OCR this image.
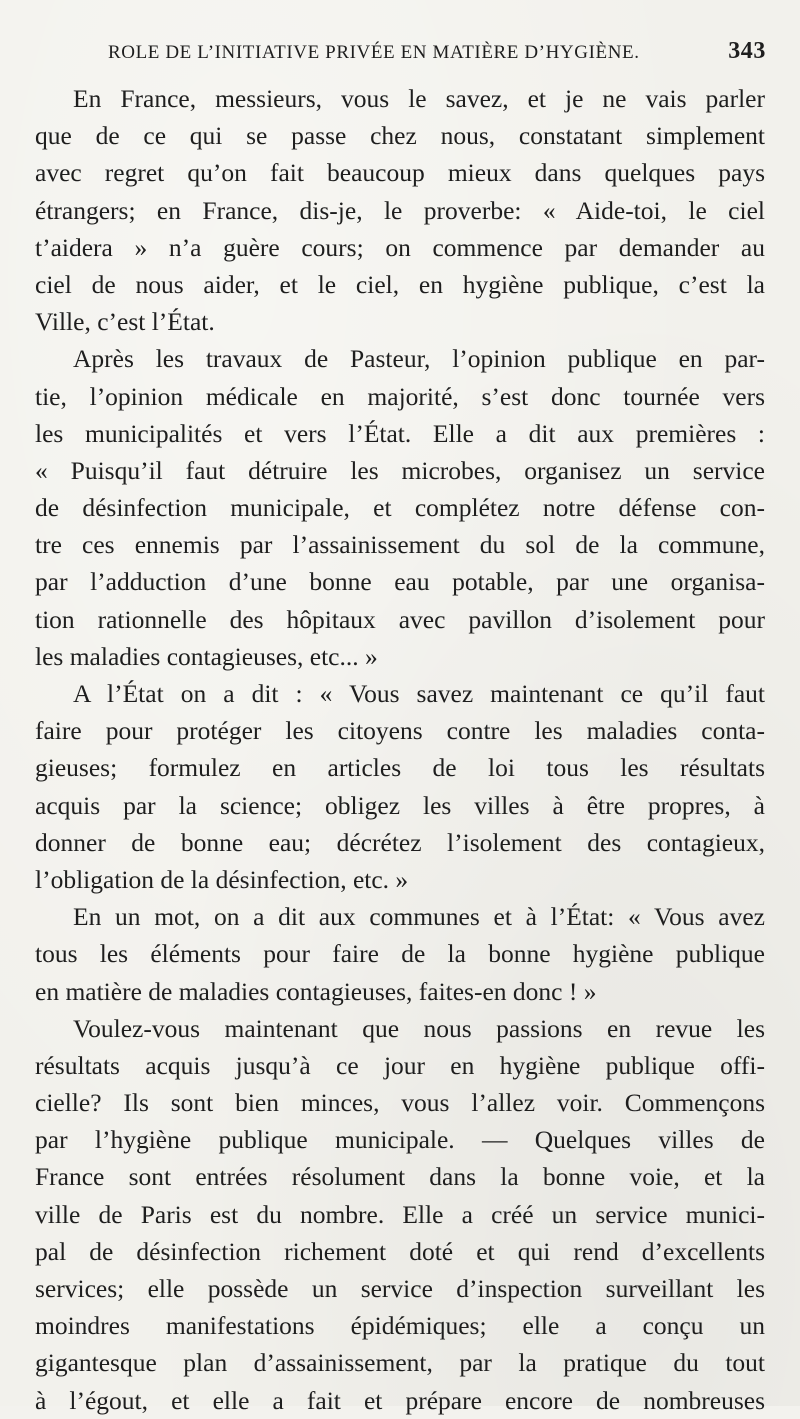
ROLE DE L’INITIATIVE PRIVÉE EN MATIÈRE D’HYGIÈNE.	343
En France, messieurs, vous le savez, et je ne vais parler
que de ce qui se passe chez nous, constatant simplement
avec regret qu’on fait beaucoup mieux dans quelques pays
étrangers; en France, dis-je, le proverbe: « Aide-toi, le ciel
t’aidera » n’a guère cours; on commence par demander au
ciel de nous aider, et le ciel, en hygiène publique, c’est la
Ville, c’est l’État.
Après les travaux de Pasteur, l’opinion publique en par-
tie, l’opinion médicale en majorité, s’est donc tournée vers
les municipalités et vers l’État. Elle a dit aux premières :
« Puisqu’il faut détruire les microbes, organisez un service
de désinfection municipale, et complétez notre défense con-
tre ces ennemis par l’assainissement du sol de la commune,
par l’adduction d’une bonne eau potable, par une organisa-
tion rationnelle des hôpitaux avec pavillon d’isolement pour
les maladies contagieuses, etc... »
A l’État on a dit : « Vous savez maintenant ce qu’il faut
faire pour protéger les citoyens contre les maladies conta-
gieuses; formulez en articles de loi tous les résultats
acquis par la science; obligez les villes à être propres, à
donner de bonne eau; décrétez l’isolement des contagieux,
l’obligation de la désinfection, etc. »
En un mot, on a dit aux communes et à l’État: « Vous avez
tous les éléments pour faire de la bonne hygiène publique
en matière de maladies contagieuses, faites-en donc ! »
Voulez-vous maintenant que nous passions en revue les
résultats acquis jusqu’à ce jour en hygiène publique offi-
cielle? Ils sont bien minces, vous l’allez voir. Commençons
par l’hygiène publique municipale. — Quelques villes de
France sont entrées résolument dans la bonne voie, et la
ville de Paris est du nombre. Elle a créé un service munici-
pal de désinfection richement doté et qui rend d’excellents
services; elle possède un service d’inspection surveillant les
moindres manifestations épidémiques; elle a conçu un
gigantesque plan d’assainissement, par la pratique du tout
à l’égout, et elle a fait et prépare encore de nombreuses
